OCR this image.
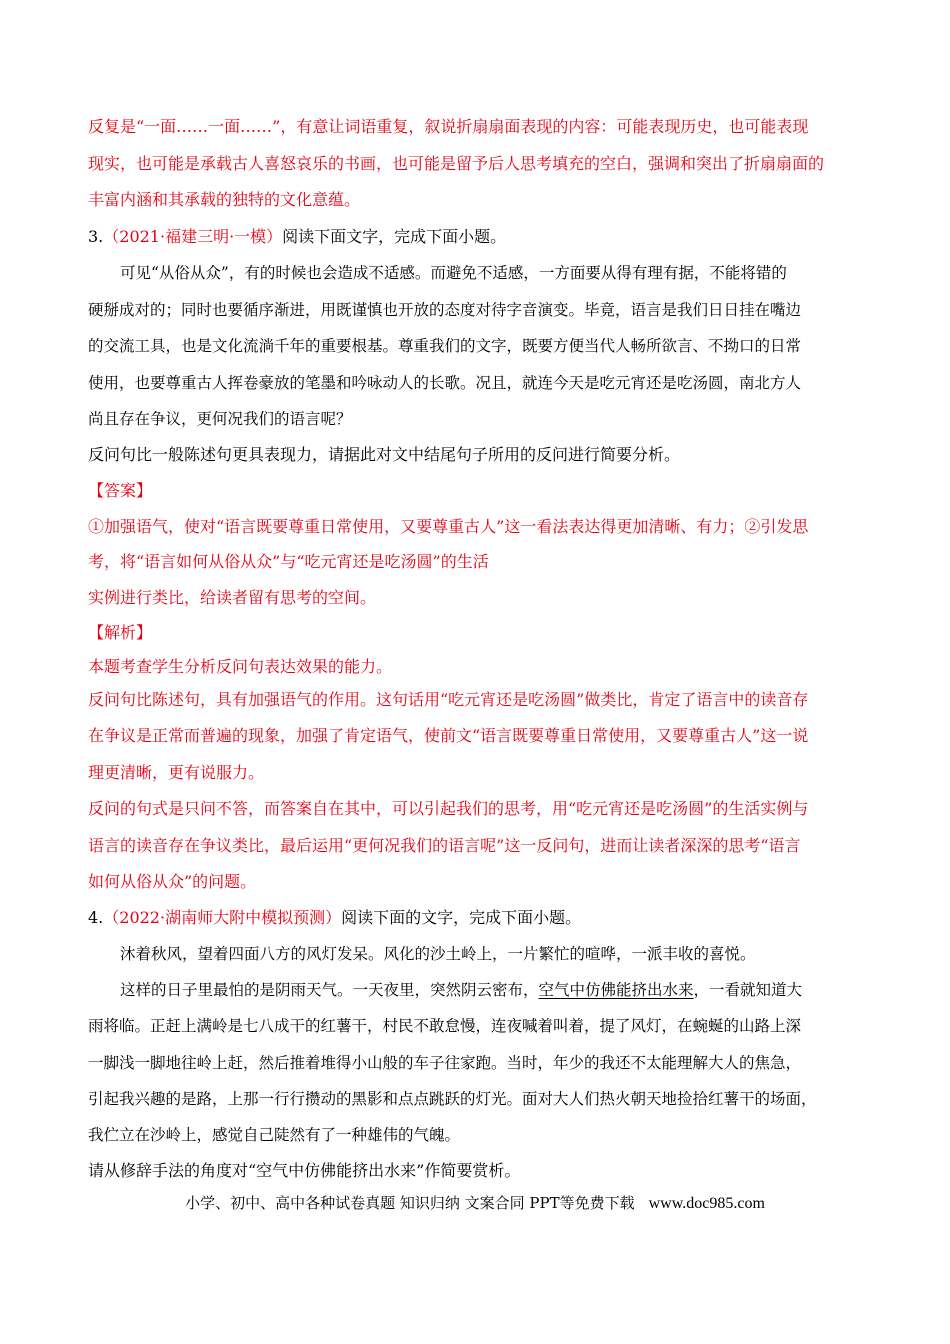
反复是“一面……一面……”，有意让词语重复，叙说折扇扇面表现的内容：可能表现历史，也可能表现
现实，也可能是承载古人喜怒哀乐的书画，也可能是留予后人思考填充的空白，强调和突出了折扇扇面的
丰富内涵和其承载的独特的文化意蕴。
3.（2021·福建三明·一模）阅读下面文字，完成下面小题。
可见“从俗从众”，有的时候也会造成不适感。而避免不适感，一方面要从得有理有据，不能将错的
硬掰成对的；同时也要循序渐进，用既谨慎也开放的态度对待字音演变。毕竟，语言是我们日日挂在嘴边
的交流工具，也是文化流淌千年的重要根基。尊重我们的文字，既要方便当代人畅所欲言、不拗口的日常
使用，也要尊重古人挥卷豪放的笔墨和吟咏动人的长歌。况且，就连今天是吃元宵还是吃汤圆，南北方人
尚且存在争议，更何况我们的语言呢？
反问句比一般陈述句更具表现力，请据此对文中结尾句子所用的反问进行简要分析。
【答案】
①加强语气，使对“语言既要尊重日常使用，又要尊重古人”这一看法表达得更加清晰、有力；②引发思
考，将“语言如何从俗从众”与“吃元宵还是吃汤圆”的生活
实例进行类比，给读者留有思考的空间。
【解析】
本题考查学生分析反问句表达效果的能力。
反问句比陈述句，具有加强语气的作用。这句话用“吃元宵还是吃汤圆”做类比，肯定了语言中的读音存
在争议是正常而普遍的现象，加强了肯定语气，使前文“语言既要尊重日常使用，又要尊重古人”这一说
理更清晰，更有说服力。
反问的句式是只问不答，而答案自在其中，可以引起我们的思考，用“吃元宵还是吃汤圆”的生活实例与
语言的读音存在争议类比，最后运用“更何况我们的语言呢”这一反问句，进而让读者深深的思考“语言
如何从俗从众”的问题。
4.（2022·湖南师大附中模拟预测）阅读下面的文字，完成下面小题。
沐着秋风，望着四面八方的风灯发呆。风化的沙土岭上，一片繁忙的喧哗，一派丰收的喜悦。
这样的日子里最怕的是阴雨天气。一天夜里，突然阴云密布，空气中仿佛能挤出水来，一看就知道大
雨将临。正赶上满岭是七八成干的红薯干，村民不敢怠慢，连夜喊着叫着，提了风灯，在蜿蜒的山路上深
一脚浅一脚地往岭上赶，然后推着堆得小山般的车子往家跑。当时，年少的我还不太能理解大人的焦急，
引起我兴趣的是路，上那一行行攒动的黑影和点点跳跃的灯光。面对大人们热火朝天地捡拾红薯干的场面，
我伫立在沙岭上，感觉自己陡然有了一种雄伟的气魄。
请从修辞手法的角度对“空气中仿佛能挤出水来”作简要赏析。
小学、初中、高中各种试卷真题 知识归纳 文案合同 PPT等免费下载 www.doc985.com
